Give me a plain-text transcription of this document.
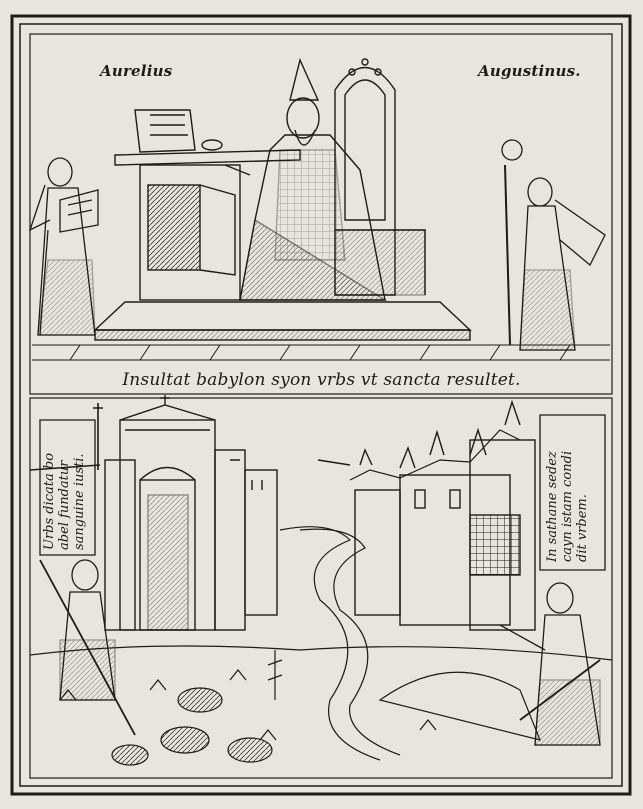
Aurelius	Augustinus.
Insultat babylon syon vrbs vt sancta resultet.
Urbs dicata bo abel fundatur sanguine iusti.	In sathane sedez cayn istam condi dit vrbem.
